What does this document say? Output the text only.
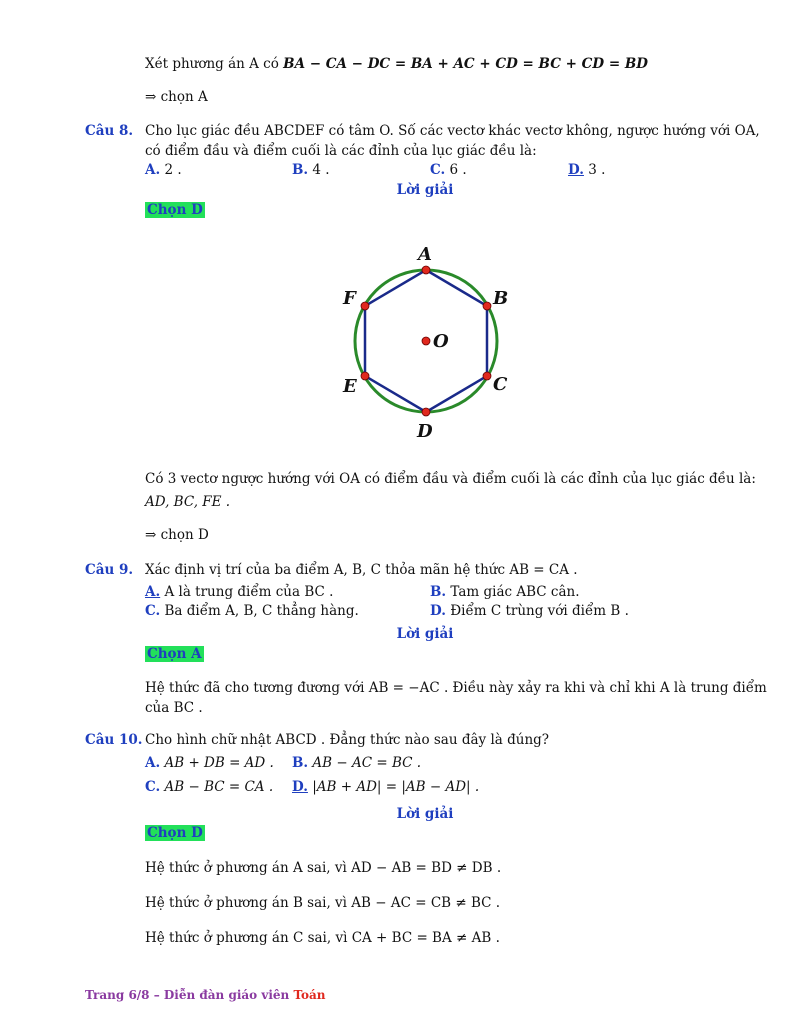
Xét phương án A có BA − CA − DC = BA + AC + CD = BC + CD = BD
⇒ chọn A
Câu 8. Cho lục giác đều ABCDEF có tâm O. Số các vectơ khác vectơ không, ngược hướng với OA,
có điểm đầu và điểm cuối là các đỉnh của lục giác đều là:
A. 2 .	B. 4 .	C. 6 .	D. 3 .
Lời giải
Chọn D
A
B
C
D
E
F
O
Có 3 vectơ ngược hướng với OA có điểm đầu và điểm cuối là các đỉnh của lục giác đều là:
AD, BC, FE .
⇒ chọn D
Câu 9. Xác định vị trí của ba điểm A, B, C thỏa mãn hệ thức AB = CA .
A. A là trung điểm của BC .	B. Tam giác ABC cân.
C. Ba điểm A, B, C thẳng hàng.	D. Điểm C trùng với điểm B .
Lời giải
Chọn A
Hệ thức đã cho tương đương với AB = −AC . Điều này xảy ra khi và chỉ khi A là trung điểm
của BC .
Câu 10. Cho hình chữ nhật ABCD . Đẳng thức nào sau đây là đúng?
A. AB + DB = AD . B. AB − AC = BC .
C. AB − BC = CA . D. |AB + AD| = |AB − AD| .
Lời giải
Chọn D
Hệ thức ở phương án A sai, vì AD − AB = BD ≠ DB .
Hệ thức ở phương án B sai, vì AB − AC = CB ≠ BC .
Hệ thức ở phương án C sai, vì CA + BC = BA ≠ AB .
Trang 6/8 – Diễn đàn giáo viên Toán
